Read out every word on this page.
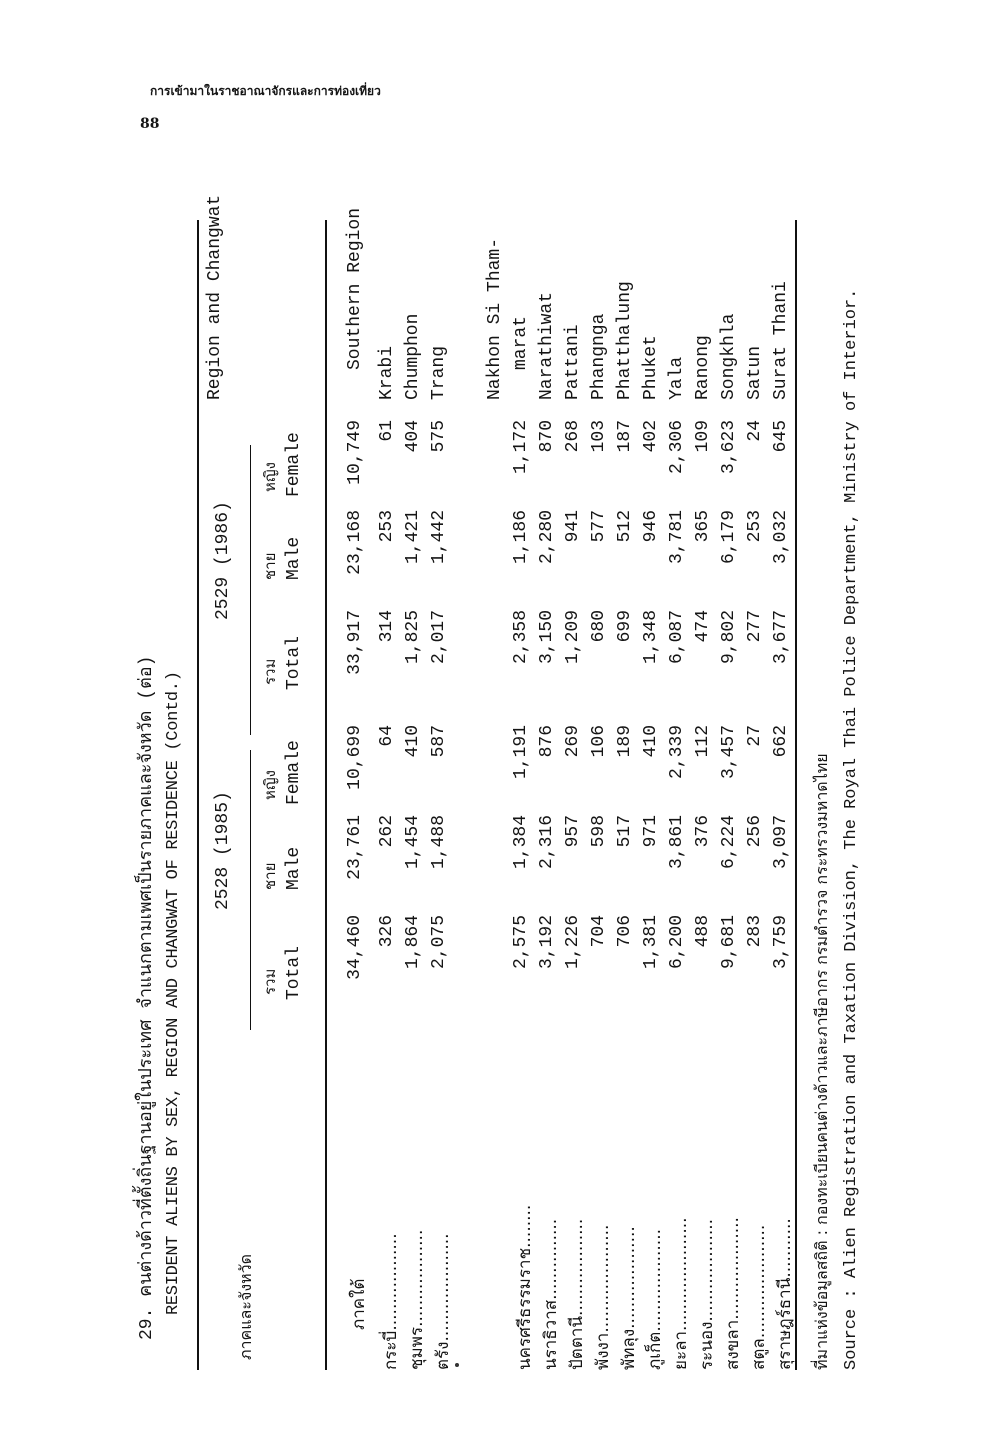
การเข้ามาในราชอาณาจักรและการท่องเที่ยว
88
29. คนต่างด้าวที่ตั้งถิ่นฐานอยู่ในประเทศ จำแนกตามเพศเป็นรายภาคและจังหวัด (ต่อ) RESIDENT ALIENS BY SEX, REGION AND CHANGWAT OF RESIDENCE (Contd.)	ภาคและจังหวัด
Region and Changwat
2528 (1985)
2529 (1986)
รวม Total
ชาย Male
หญิง Female
รวม Total
ชาย Male
หญิง Female
ภาคใต้
34,460
23,761
10,699
33,917
23,168
10,749
Southern Region
กระบี่..................
326
262
64
314
253
61
Krabi
ชุมพร..................
1,864
1,454
410
1,825
1,421
404
Chumphon
ตรัง....................
2,075
1,488
587
2,017
1,442
575
Trang
นครศรีธรรมราช........
2,575
1,384
1,191
2,358
1,186
1,172
Nakhon Si Tham- marat
นราธิวาส...............
3,192
2,316
876
3,150
2,280
870
Narathiwat
ปัตตานี..................
1,226
957
269
1,209
941
268
Pattani
พังงา....................
704
598
106
680
577
103
Phangnga
พัทลุง...................
706
517
189
699
512
187
Phatthalung
ภูเก็ต...................
1,381
971
410
1,348
946
402
Phuket
ยะลา.....................
6,200
3,861
2,339
6,087
3,781
2,306
Yala
ระนอง...................
488
376
112
474
365
109
Ranong
สงขลา...................
9,681
6,224
3,457
9,802
6,179
3,623
Songkhla
สตูล.....................
283
256
27
277
253
24
Satun
สุราษฎร์ธานี...........
3,759
3,097
662
3,677
3,032
645
Surat Thani
ที่มาแห่งข้อมูลสถิติ : กองทะเบียนคนต่างด้าวและภาษีอากร กรมตำรวจ กระทรวงมหาดไทย Source : Alien Registration and Taxation Division, The Royal Thai Police Department, Ministry of Interior.
